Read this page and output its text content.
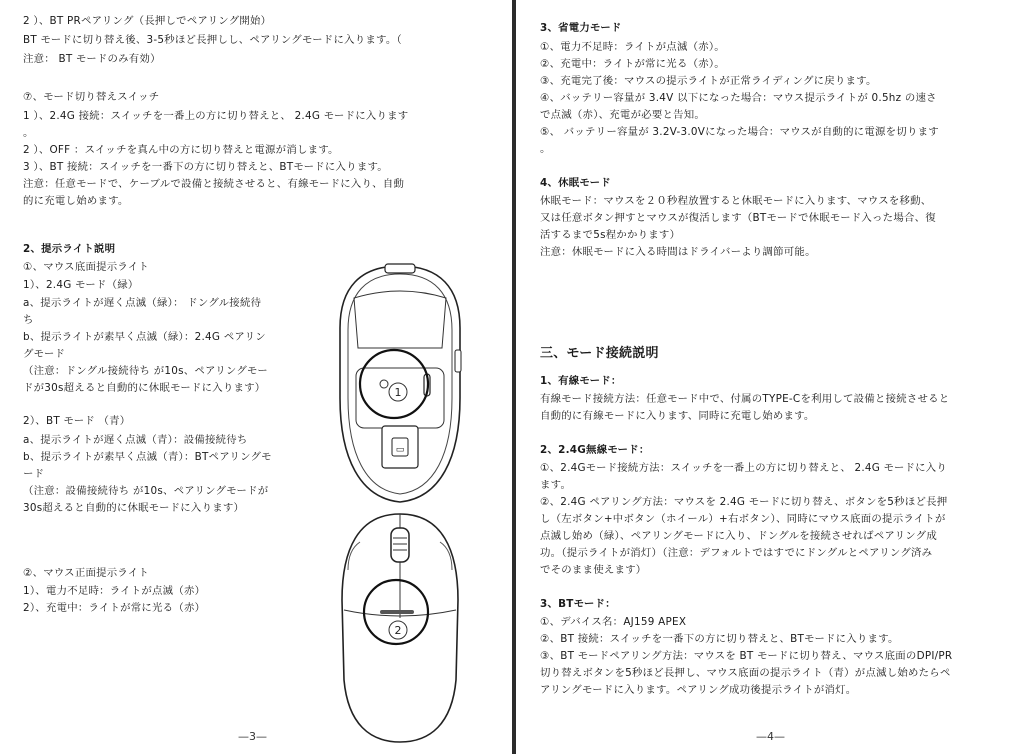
2 ）、BT PRペアリング（長押しでペアリング開始）
BT モードに切り替え後、3-5秒ほど長押しし、ペアリングモードに入ります。（
注意： BT モードのみ有効）
⑦、モード切り替えスイッチ
1 ）、2.4G 接続：スイッチを一番上の方に切り替えと、 2.4G モードに入ります
。
2 ）、OFF ：スイッチを真ん中の方に切り替えと電源が消します。
3 ）、BT 接続：スイッチを一番下の方に切り替えと、BTモードに入ります。
注意：任意モードで、ケーブルで設備と接続させると、有線モードに入り、自動
的に充電し始めます。
2、提示ライト説明
①、マウス底面提示ライト
1）、2.4G モード（緑）
a、提示ライトが遅く点滅（緑）： ドングル接続待
ち
b、提示ライトが素早く点滅（緑）：2.4G ペアリン
グモード
（注意：ドングル接続待ち が10s、ペアリングモー
ドが30s超えると自動的に休眠モードに入ります）
2）、BT モード （青）
a、提示ライトが遅く点滅（青）：設備接続待ち
b、提示ライトが素早く点滅（青）：BTペアリングモ
ード
（注意：設備接続待ち が10s、ペアリングモードが
30s超えると自動的に休眠モードに入ります）
②、マウス正面提示ライト
1）、電力不足時：ライトが点滅（赤）
2）、充電中：ライトが常に光る（赤）
▭
1
2
—3—
3、省電力モード
①、電力不足時：ライトが点滅（赤）。
②、充電中：ライトが常に光る（赤）。
③、充電完了後：マウスの提示ライトが正常ライディングに戻ります。
④、バッテリー容量が 3.4V 以下になった場合：マウス提示ライトが 0.5hz の速さ
で点滅（赤）、充電が必要と告知。
⑤、 バッテリー容量が 3.2V-3.0Vになった場合：マウスが自動的に電源を切ります
。
4、休眠モード
休眠モード：マウスを２０秒程放置すると休眠モードに入ります、マウスを移動、
又は任意ボタン押すとマウスが復活します（BTモードで休眠モード入った場合、復
活するまで5s程かかります）
注意：休眠モードに入る時間はドライバーより調節可能。
三、モード接続説明
1、有線モード：
有線モード接続方法：任意モード中で、付属のTYPE-Cを利用して設備と接続させると
自動的に有線モードに入ります、同時に充電し始めます。
2、2.4G無線モード：
①、2.4Gモード接続方法：スイッチを一番上の方に切り替えと、 2.4G モードに入り
ます。
②、2.4G ペアリング方法：マウスを 2.4G モードに切り替え、ボタンを5秒ほど長押
し（左ボタン+中ボタン（ホイール）+右ボタン）、同時にマウス底面の提示ライトが
点滅し始め（緑）、ペアリングモードに入り、ドングルを接続させればペアリング成
功。（提示ライトが消灯）（注意：デフォルトではすでにドングルとペアリング済み
でそのまま使えます）
3、BTモード：
①、デバイス名：AJ159 APEX
②、BT 接続：スイッチを一番下の方に切り替えと、BTモードに入ります。
③、BT モードペアリング方法：マウスを BT モードに切り替え、マウス底面のDPI/PR
切り替えボタンを5秒ほど長押し、マウス底面の提示ライト（青）が点滅し始めたらペ
アリングモードに入ります。ペアリング成功後提示ライトが消灯。
—4—
